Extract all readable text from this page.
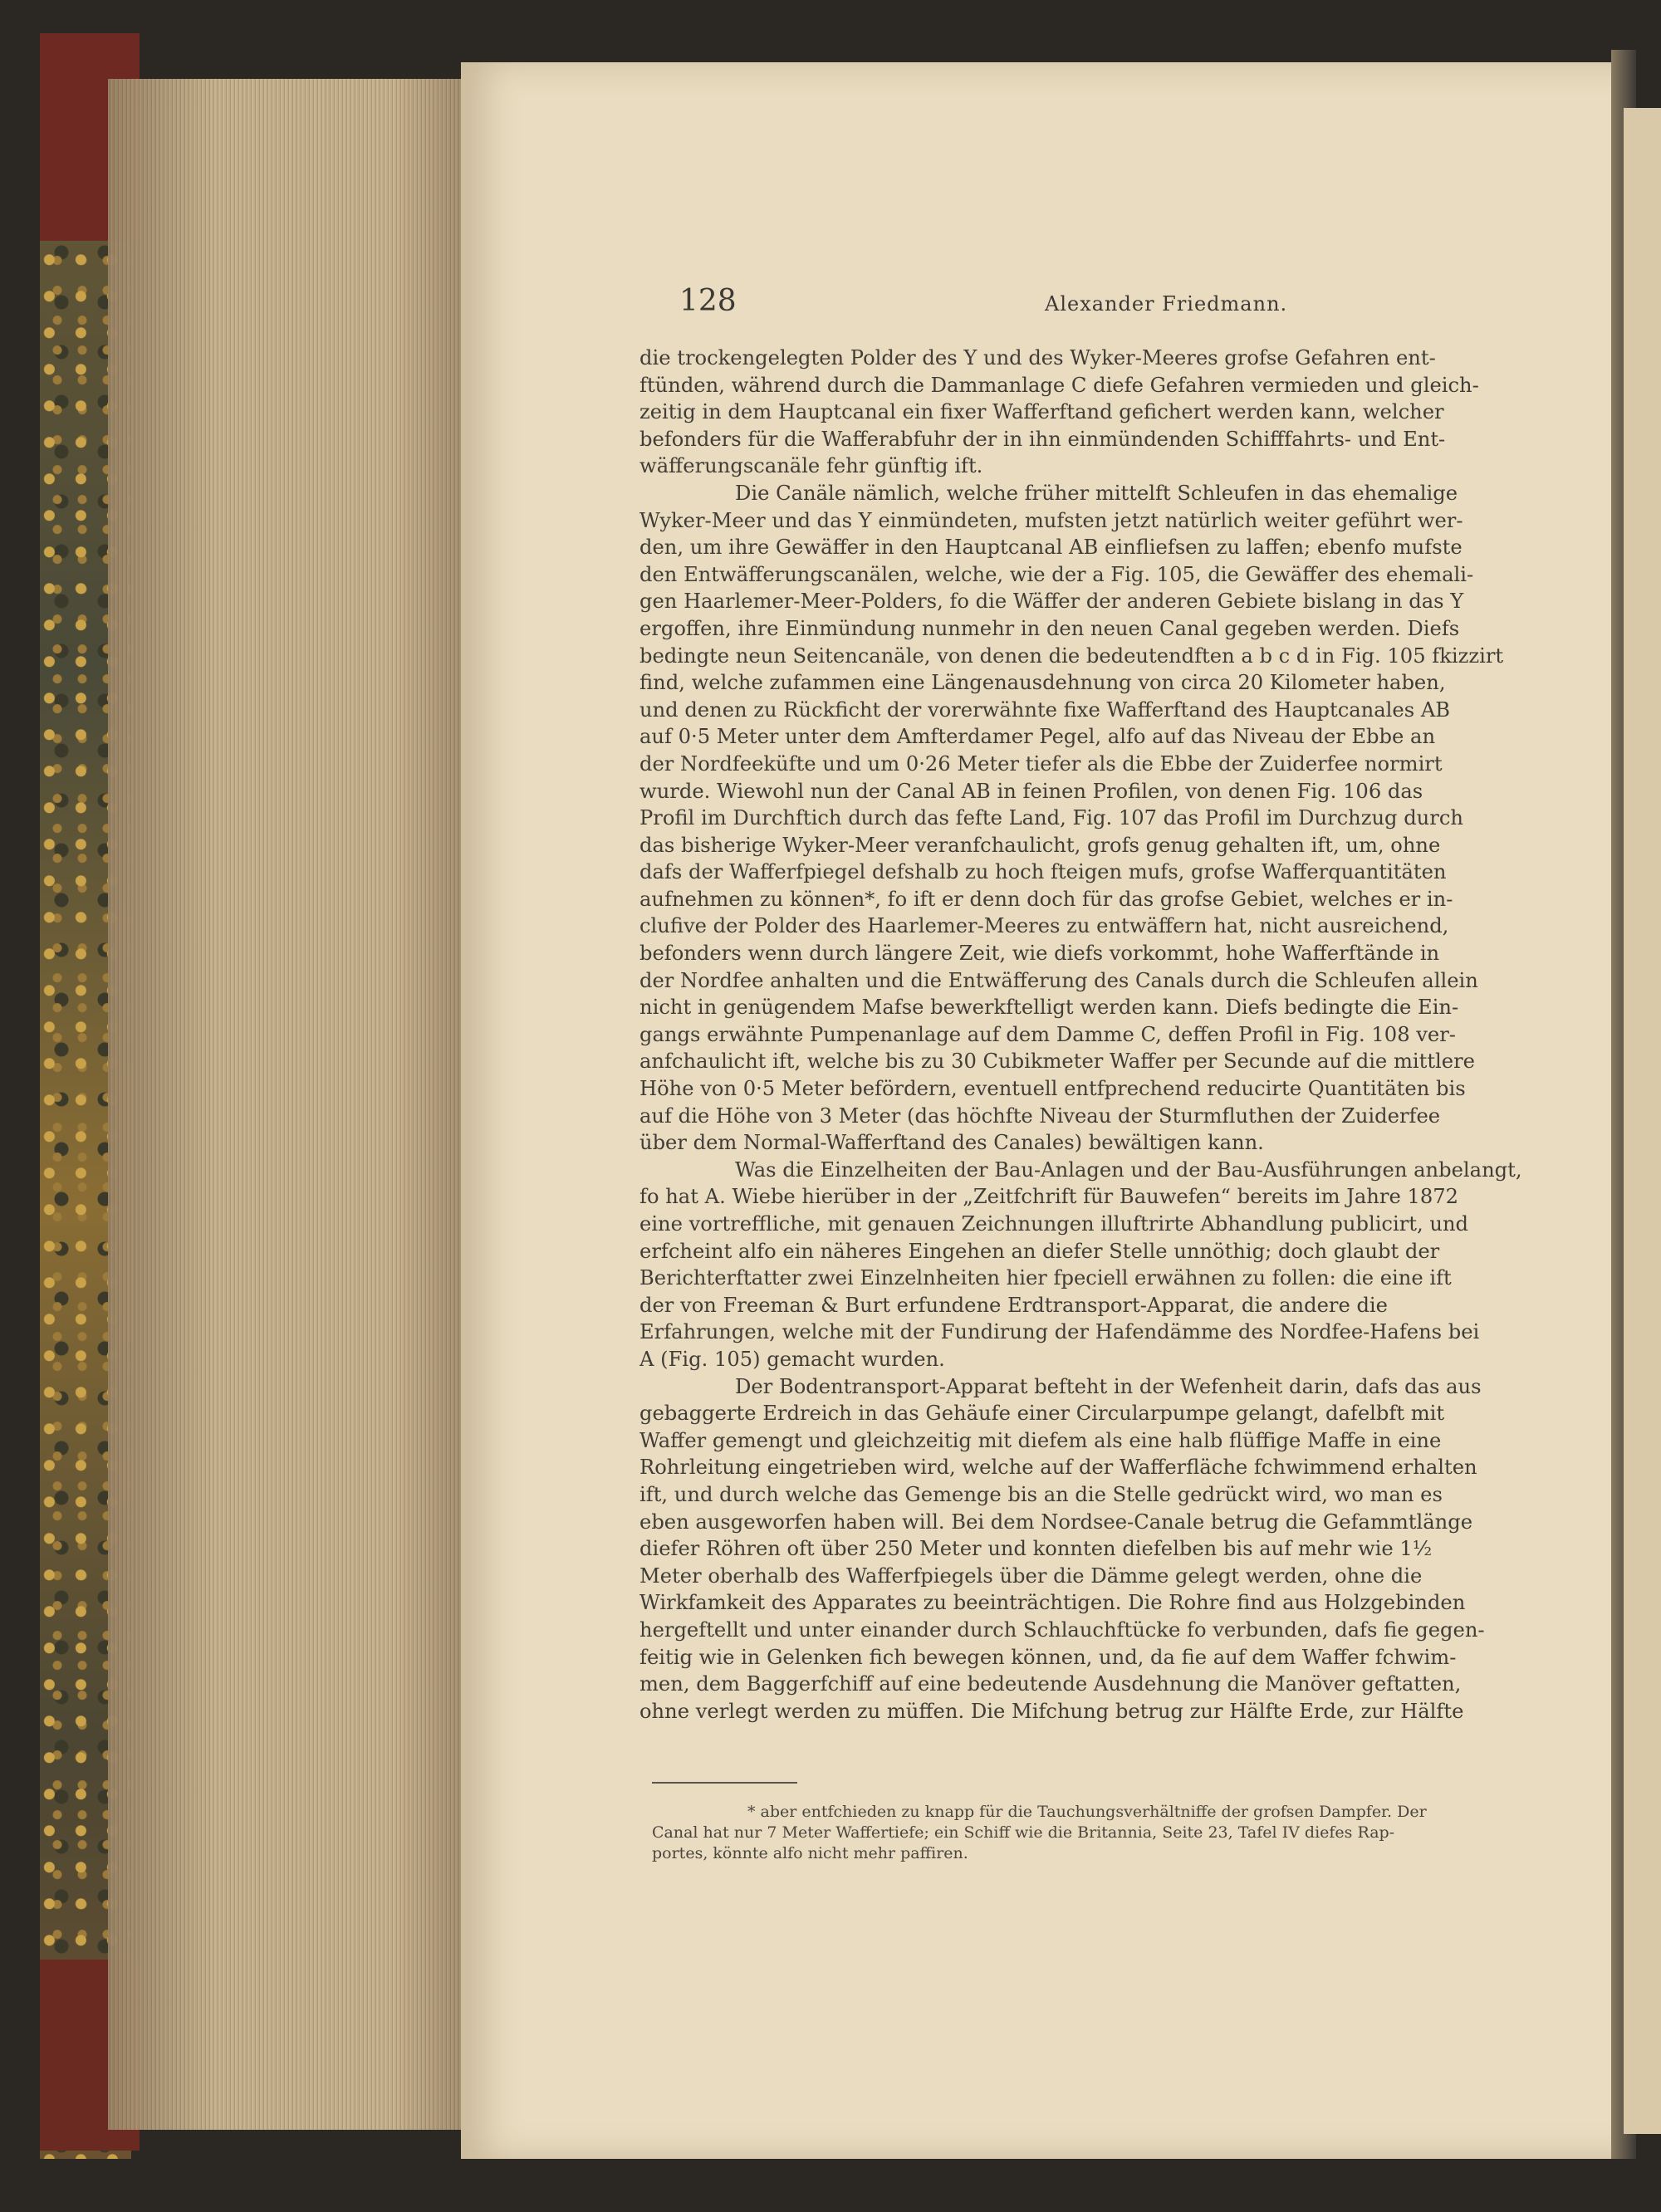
128	Alexander Friedmann.
die trockengelegten Polder des Y und des Wyker-Meeres grofse Gefahren ent-
ftünden, während durch die Dammanlage C diefe Gefahren vermieden und gleich-
zeitig in dem Hauptcanal ein fixer Wafferftand gefichert werden kann, welcher
befonders für die Wafferabfuhr der in ihn einmündenden Schifffahrts- und Ent-
wäfferungscanäle fehr günftig ift.
Die Canäle nämlich, welche früher mittelft Schleufen in das ehemalige
Wyker-Meer und das Y einmündeten, mufsten jetzt natürlich weiter geführt wer-
den, um ihre Gewäffer in den Hauptcanal AB einfliefsen zu laffen; ebenfo mufste
den Entwäfferungscanälen, welche, wie der a Fig. 105, die Gewäffer des ehemali-
gen Haarlemer-Meer-Polders, fo die Wäffer der anderen Gebiete bislang in das Y
ergoffen, ihre Einmündung nunmehr in den neuen Canal gegeben werden. Diefs
bedingte neun Seitencanäle, von denen die bedeutendften a b c d in Fig. 105 fkizzirt
find, welche zufammen eine Längenausdehnung von circa 20 Kilometer haben,
und denen zu Rückficht der vorerwähnte fixe Wafferftand des Hauptcanales AB
auf 0·5 Meter unter dem Amfterdamer Pegel, alfo auf das Niveau der Ebbe an
der Nordfeeküfte und um 0·26 Meter tiefer als die Ebbe der Zuiderfee normirt
wurde. Wiewohl nun der Canal AB in feinen Profilen, von denen Fig. 106 das
Profil im Durchftich durch das fefte Land, Fig. 107 das Profil im Durchzug durch
das bisherige Wyker-Meer veranfchaulicht, grofs genug gehalten ift, um, ohne
dafs der Wafferfpiegel defshalb zu hoch fteigen mufs, grofse Wafferquantitäten
aufnehmen zu können*, fo ift er denn doch für das grofse Gebiet, welches er in-
clufive der Polder des Haarlemer-Meeres zu entwäffern hat, nicht ausreichend,
befonders wenn durch längere Zeit, wie diefs vorkommt, hohe Wafferftände in
der Nordfee anhalten und die Entwäfferung des Canals durch die Schleufen allein
nicht in genügendem Mafse bewerkftelligt werden kann. Diefs bedingte die Ein-
gangs erwähnte Pumpenanlage auf dem Damme C, deffen Profil in Fig. 108 ver-
anfchaulicht ift, welche bis zu 30 Cubikmeter Waffer per Secunde auf die mittlere
Höhe von 0·5 Meter befördern, eventuell entfprechend reducirte Quantitäten bis
auf die Höhe von 3 Meter (das höchfte Niveau der Sturmfluthen der Zuiderfee
über dem Normal-Wafferftand des Canales) bewältigen kann.
Was die Einzelheiten der Bau-Anlagen und der Bau-Ausführungen anbelangt,
fo hat A. Wiebe hierüber in der „Zeitfchrift für Bauwefen“ bereits im Jahre 1872
eine vortreffliche, mit genauen Zeichnungen illuftrirte Abhandlung publicirt, und
erfcheint alfo ein näheres Eingehen an diefer Stelle unnöthig; doch glaubt der
Berichterftatter zwei Einzelnheiten hier fpeciell erwähnen zu follen: die eine ift
der von Freeman & Burt erfundene Erdtransport-Apparat, die andere die
Erfahrungen, welche mit der Fundirung der Hafendämme des Nordfee-Hafens bei
A (Fig. 105) gemacht wurden.
Der Bodentransport-Apparat befteht in der Wefenheit darin, dafs das aus
gebaggerte Erdreich in das Gehäufe einer Circularpumpe gelangt, dafelbft mit
Waffer gemengt und gleichzeitig mit diefem als eine halb flüffige Maffe in eine
Rohrleitung eingetrieben wird, welche auf der Wafferfläche fchwimmend erhalten
ift, und durch welche das Gemenge bis an die Stelle gedrückt wird, wo man es
eben ausgeworfen haben will. Bei dem Nordsee-Canale betrug die Gefammtlänge
diefer Röhren oft über 250 Meter und konnten diefelben bis auf mehr wie 1½
Meter oberhalb des Wafferfpiegels über die Dämme gelegt werden, ohne die
Wirkfamkeit des Apparates zu beeinträchtigen. Die Rohre find aus Holzgebinden
hergeftellt und unter einander durch Schlauchftücke fo verbunden, dafs fie gegen-
feitig wie in Gelenken fich bewegen können, und, da fie auf dem Waffer fchwim-
men, dem Baggerfchiff auf eine bedeutende Ausdehnung die Manöver geftatten,
ohne verlegt werden zu müffen. Die Mifchung betrug zur Hälfte Erde, zur Hälfte
* aber entfchieden zu knapp für die Tauchungsverhältniffe der grofsen Dampfer. Der
Canal hat nur 7 Meter Waffertiefe; ein Schiff wie die Britannia, Seite 23, Tafel IV diefes Rap-
portes, könnte alfo nicht mehr paffiren.
